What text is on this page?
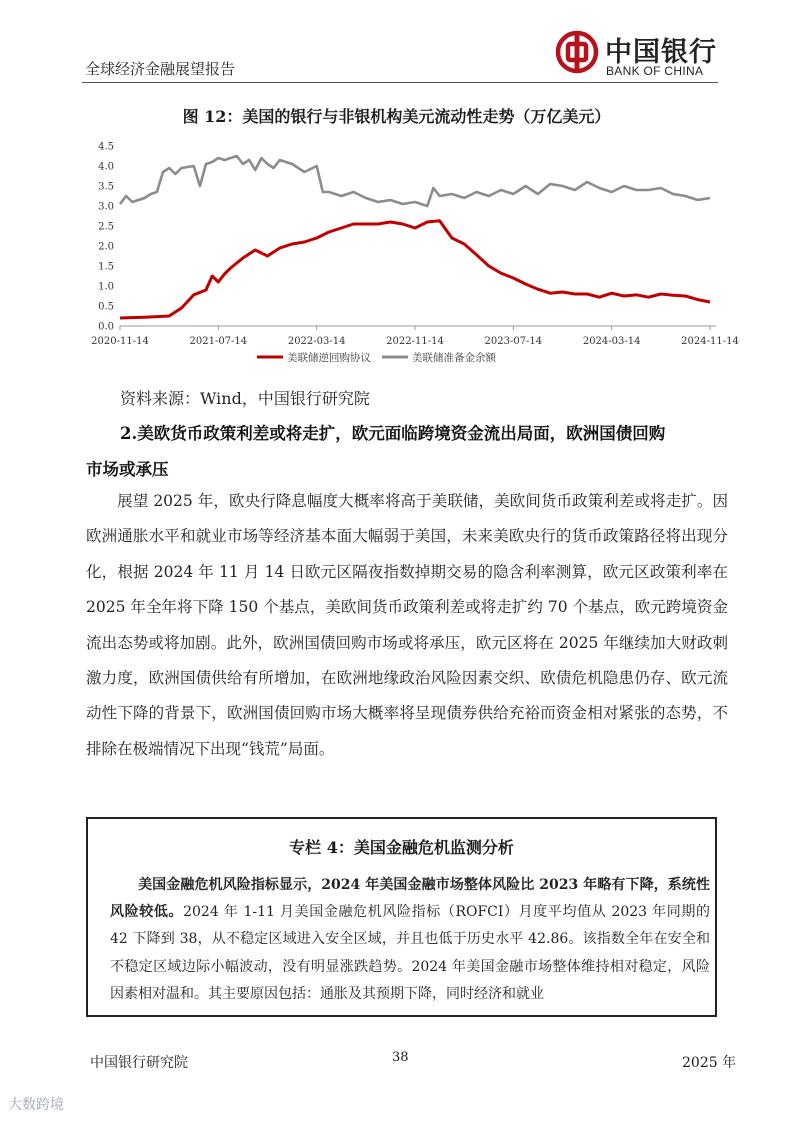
全球经济金融展望报告
中国银行
BANK OF CHINA
图 12：美国的银行与非银机构美元流动性走势（万亿美元）
0.0
0.5
1.0
1.5
2.0
2.5
3.0
3.5
4.0
4.5
2020-11-14	2021-07-14	2022-03-14	2022-11-14	2023-07-14	2024-03-14	2024-11-14
美联储逆回购协议	美联储准备金余额
资料来源：Wind，中国银行研究院
2.美欧货币政策利差或将走扩，欧元面临跨境资金流出局面，欧洲国债回购
市场或承压
展望 2025 年，欧央行降息幅度大概率将高于美联储，美欧间货币政策利差或将走扩。因欧洲通胀水平和就业市场等经济基本面大幅弱于美国，未来美欧央行的货币政策路径将出现分化，根据 2024 年 11 月 14 日欧元区隔夜指数掉期交易的隐含利率测算，欧元区政策利率在 2025 年全年将下降 150 个基点，美欧间货币政策利差或将走扩约 70 个基点，欧元跨境资金流出态势或将加剧。此外，欧洲国债回购市场或将承压，欧元区将在 2025 年继续加大财政刺激力度，欧洲国债供给有所增加，在欧洲地缘政治风险因素交织、欧债危机隐患仍存、欧元流动性下降的背景下，欧洲国债回购市场大概率将呈现债券供给充裕而资金相对紧张的态势，不排除在极端情况下出现“钱荒”局面。
专栏 4：美国金融危机监测分析
美国金融危机风险指标显示，2024 年美国金融市场整体风险比 2023 年略有下降，系统性风险较低。2024 年 1-11 月美国金融危机风险指标（ROFCI）月度平均值从 2023 年同期的 42 下降到 38，从不稳定区域进入安全区域，并且也低于历史水平 42.86。该指数全年在安全和不稳定区域边际小幅波动，没有明显涨跌趋势。2024 年美国金融市场整体维持相对稳定，风险因素相对温和。其主要原因包括：通胀及其预期下降，同时经济和就业
中国银行研究院	38	2025 年
大数跨境
